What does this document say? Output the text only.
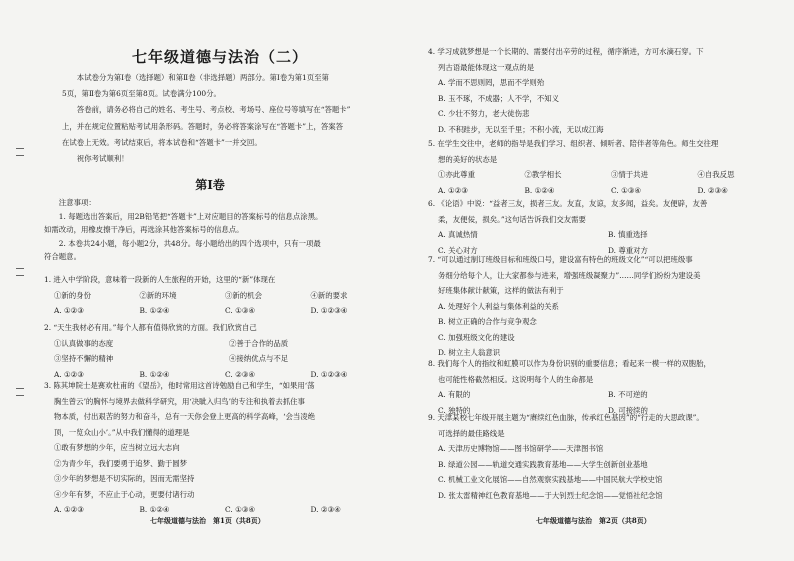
七年级道德与法治（二）

本试卷分为第Ⅰ卷（选择题）和第Ⅱ卷（非选择题）两部分。第Ⅰ卷为第1页至第

5页，第Ⅱ卷为第6页至第8页。试卷满分100分。

答卷前，请务必将自己的姓名、考生号、考点校、考场号、座位号等填写在“答题卡”

上，并在规定位置粘贴考试用条形码。答题时，务必将答案涂写在“答题卡”上，答案答

在试卷上无效。考试结束后，将本试卷和“答题卡”一并交回。

祝你考试顺利！

第Ⅰ卷

注意事项：

1. 每题选出答案后，用2B铅笔把“答题卡”上对应题目的答案标号的信息点涂黑。

如需改动，用橡皮擦干净后，再选涂其他答案标号的信息点。

2. 本卷共24小题，每小题2分，共48分。每小题给出的四个选项中，只有一项最

符合题意。

1. 进入中学阶段，意味着一段新的人生旅程的开始，这里的“新”体现在

①新的身份	②新的环境	③新的机会	④新的要求
A. ①②③	B. ①②④	C. ①③④	D. ①②③④

2. “天生我材必有用。”每个人都有值得欣赏的方面。我们欣赏自己

①认真做事的态度	②善于合作的品质
③坚持不懈的精神	④接纳优点与不足
A. ①②③	B. ①②④	C. ②③④	D. ①②③④

3. 陈其坤院士是赛欢杜甫的《望岳》，他时常用这首诗勉励自己和学生，“如果用‘荡

胸生曾云’的胸怀与境界去做科学研究，用‘决眦入归鸟’的专注和执着去抓住事

物本质，付出艰苦的努力和奋斗，总有一天你会登上更高的科学高峰，‘会当凌绝

顶，一览众山小’。”从中我们懂得的道理是

①敢有梦想的少年，应当树立远大志向

②为青少年，我们要勇于追梦、勤于圆梦

③少年的梦想是不切实际的，因而无需坚持

④少年有梦，不应止于心动，更要付诸行动

A. ①②③	B. ①②④	C. ①③④	D. ②③④
七年级道德与法治　第1页（共8页）

4. 学习成就梦想是一个长期的、需要付出辛劳的过程，循序渐进，方可水滴石穿。下

列古语最能体现这一观点的是

A. 学而不思则罔，思而不学则殆

B. 玉不琢，不成器；人不学，不知义

C. 少壮不努力，老大徒伤悲

D. 不积跬步，无以至千里；不积小流，无以成江海

5. 在学生交往中，老师的指导是我们学习、组织者、倾听者、陪伴者等角色。师生交往理

想的美好的状态是

①亦此尊重	②教学相长	③情于共进	④自我反思
A. ①②③	B. ①②④	C. ①③④	D. ②③④

6. 《论语》中说：“益者三友，损者三友。友直，友谅，友多闻，益矣。友便辟，友善

柔，友便佞，损矣。”这句话告诉我们交友需要

A. 真诚热情	B. 慎重选择
C. 关心对方	D. 尊重对方

7. “可以通过制订班级目标和班级口号，建设富有特色的班级文化”“可以把班级事

务细分给每个人，让大家都参与进来，增强班级凝聚力”……同学们纷纷为建设美

好班集体献计献策，这样的做法有利于

A. 处理好个人利益与集体利益的关系

B. 树立正确的合作与竞争观念

C. 加强班级文化的建设

D. 树立主人翁意识

8. 我们每个人的指纹和虹膜可以作为身份识别的重要信息；看起来一模一样的双胞胎，

也可能性格截然相反。这说明每个人的生命都是

A. 有限的	B. 不可逆的
C. 独特的	D. 可接续的

9. 天津某校七年级开展主题为“赓续红色血脉，传承红色基因”的“行走的大思政课”。

可选择的最佳路线是

A. 天津历史博物馆——图书馆研学——天津图书馆

B. 绿道公园——轨道交通实践教育基地——大学生创新创业基地

C. 机械工业文化展馆——自然观察实践基地——中国民航大学校史馆

D. 张太雷精神红色教育基地——于大钊烈士纪念馆——觉悟社纪念馆

七年级道德与法治　第2页（共8页）
